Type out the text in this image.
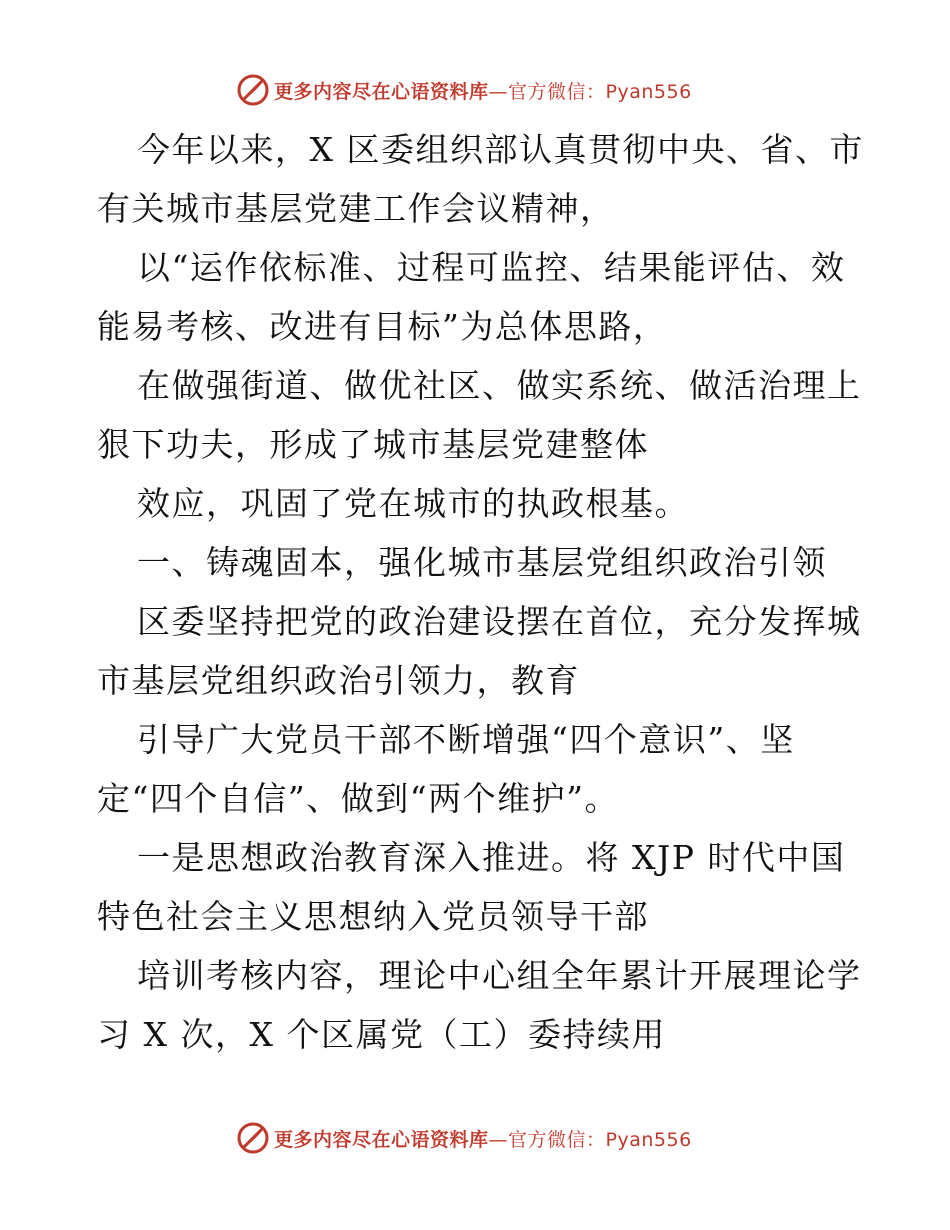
更多内容尽在心语资料库—官方微信：Pyan556
今年以来，X 区委组织部认真贯彻中央、省、市
有关城市基层党建工作会议精神，
以“运作依标准、过程可监控、结果能评估、效
能易考核、改进有目标”为总体思路，
在做强街道、做优社区、做实系统、做活治理上
狠下功夫，形成了城市基层党建整体
效应，巩固了党在城市的执政根基。
一、铸魂固本，强化城市基层党组织政治引领
区委坚持把党的政治建设摆在首位，充分发挥城
市基层党组织政治引领力，教育
引导广大党员干部不断增强“四个意识”、坚
定“四个自信”、做到“两个维护”。
一是思想政治教育深入推进。将 XJP 时代中国
特色社会主义思想纳入党员领导干部
培训考核内容，理论中心组全年累计开展理论学
习 X 次，X 个区属党（工）委持续用
更多内容尽在心语资料库—官方微信：Pyan556
